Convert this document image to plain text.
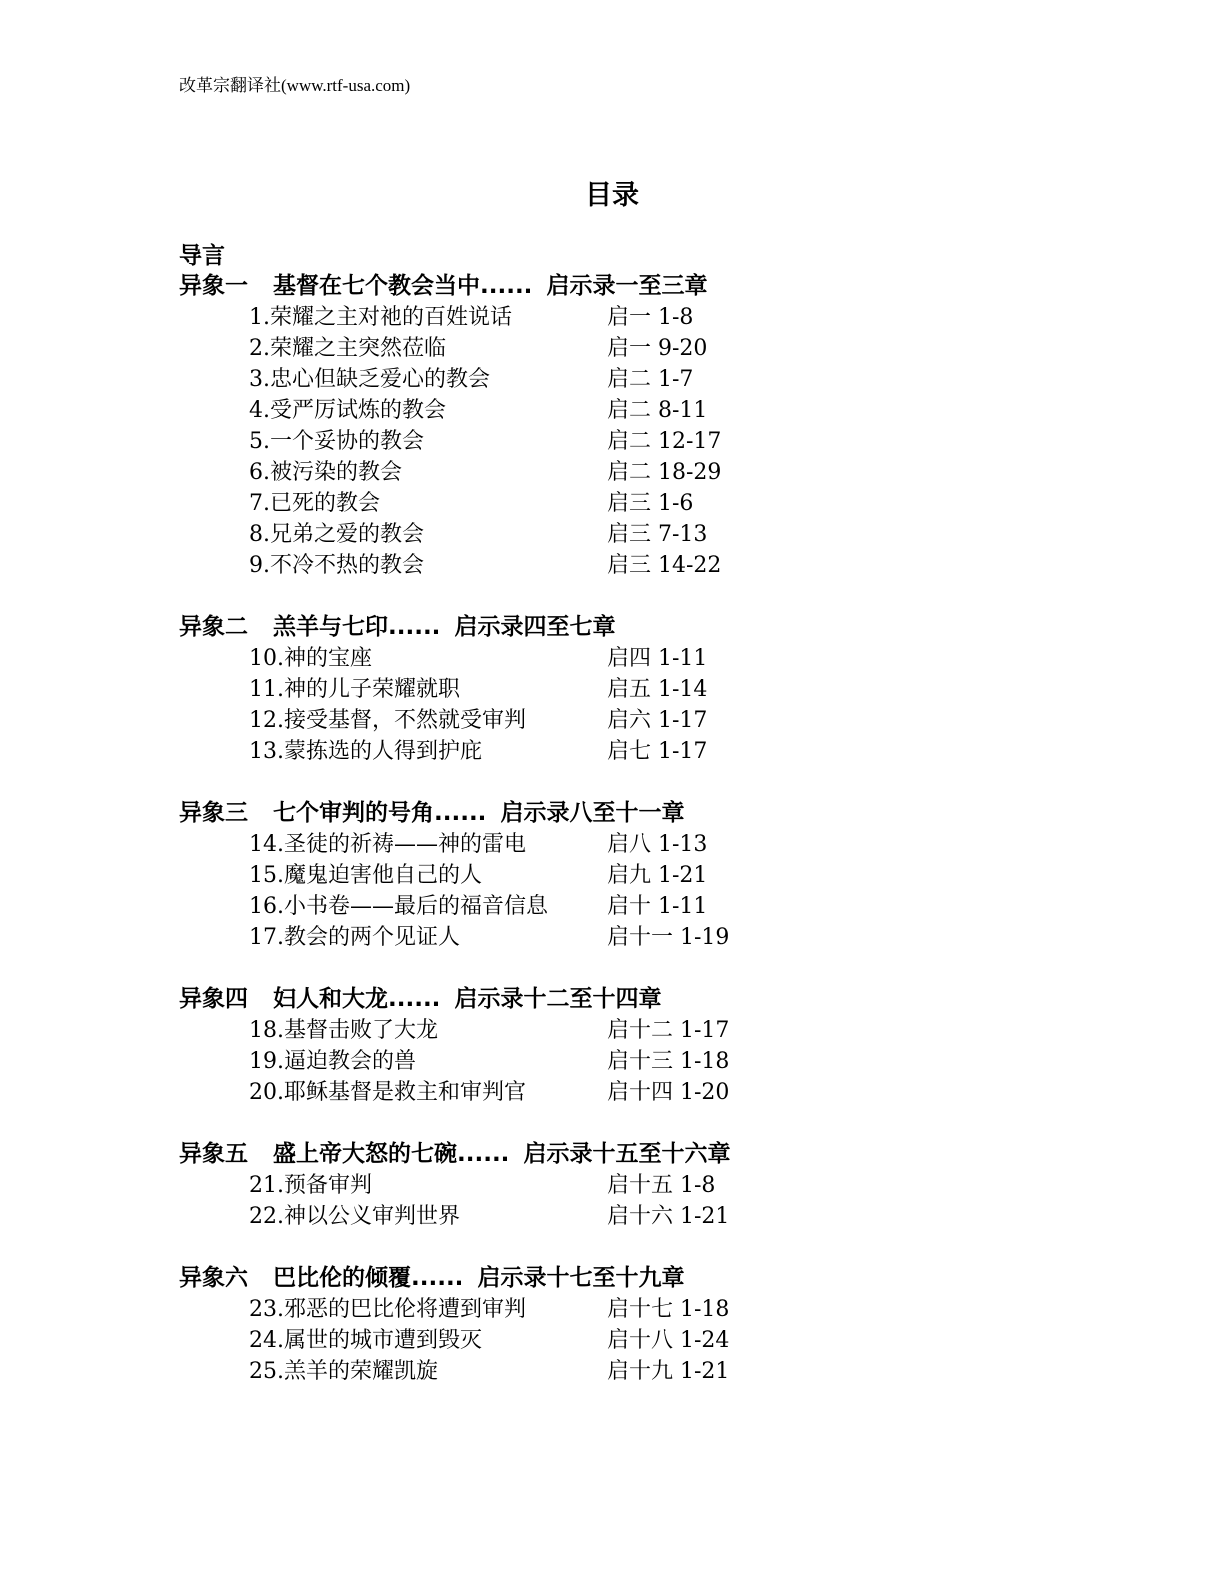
改革宗翻译社(www.rtf-usa.com)
目录
导言
异象一 基督在七个教会当中...... 启示录一至三章
1.荣耀之主对祂的百姓说话	启一 1-8
2.荣耀之主突然莅临	启一 9-20
3.忠心但缺乏爱心的教会	启二 1-7
4.受严厉试炼的教会	启二 8-11
5.一个妥协的教会	启二 12-17
6.被污染的教会	启二 18-29
7.已死的教会	启三 1-6
8.兄弟之爱的教会	启三 7-13
9.不冷不热的教会	启三 14-22
异象二 羔羊与七印...... 启示录四至七章
10.神的宝座	启四 1-11
11.神的儿子荣耀就职	启五 1-14
12.接受基督，不然就受审判	启六 1-17
13.蒙拣选的人得到护庇	启七 1-17
异象三 七个审判的号角...... 启示录八至十一章
14.圣徒的祈祷——神的雷电	启八 1-13
15.魔鬼迫害他自己的人	启九 1-21
16.小书卷——最后的福音信息	启十 1-11
17.教会的两个见证人	启十一 1-19
异象四 妇人和大龙...... 启示录十二至十四章
18.基督击败了大龙	启十二 1-17
19.逼迫教会的兽	启十三 1-18
20.耶稣基督是救主和审判官	启十四 1-20
异象五 盛上帝大怒的七碗...... 启示录十五至十六章
21.预备审判	启十五 1-8
22.神以公义审判世界	启十六 1-21
异象六 巴比伦的倾覆...... 启示录十七至十九章
23.邪恶的巴比伦将遭到审判	启十七 1-18
24.属世的城市遭到毁灭	启十八 1-24
25.羔羊的荣耀凯旋	启十九 1-21
